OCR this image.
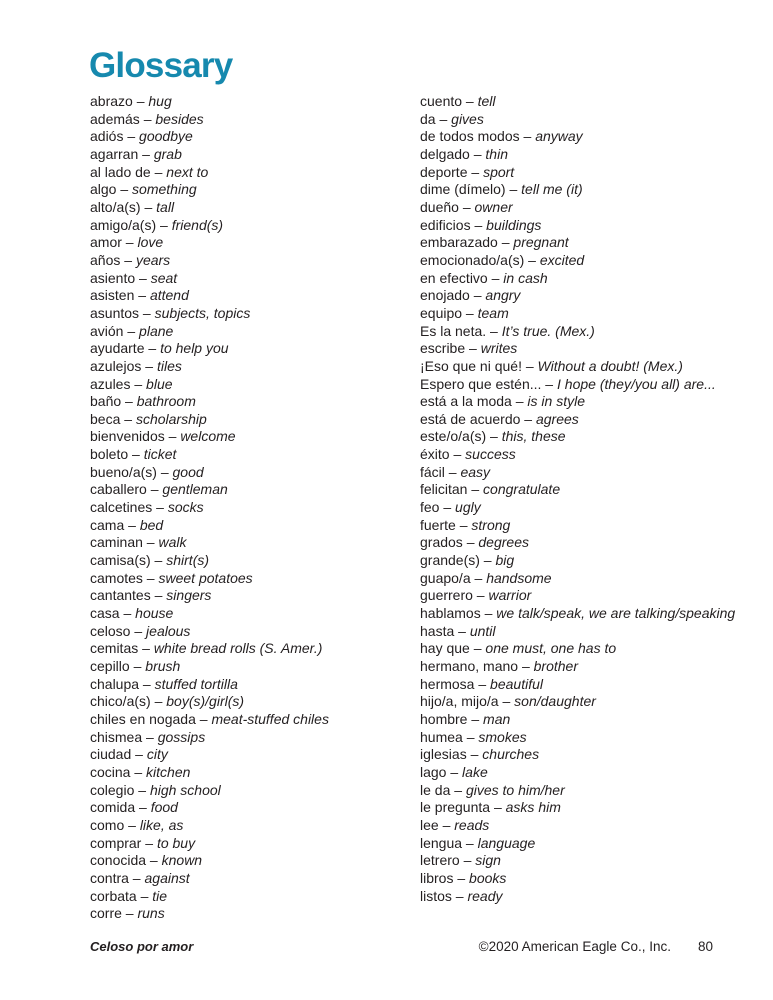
Glossary
abrazo – hug
además – besides
adiós – goodbye
agarran – grab
al lado de – next to
algo – something
alto/a(s) – tall
amigo/a(s) – friend(s)
amor – love
años – years
asiento – seat
asisten – attend
asuntos – subjects, topics
avión – plane
ayudarte – to help you
azulejos – tiles
azules – blue
baño – bathroom
beca – scholarship
bienvenidos – welcome
boleto – ticket
bueno/a(s) – good
caballero – gentleman
calcetines – socks
cama – bed
caminan – walk
camisa(s) – shirt(s)
camotes – sweet potatoes
cantantes – singers
casa – house
celoso – jealous
cemitas – white bread rolls (S. Amer.)
cepillo – brush
chalupa – stuffed tortilla
chico/a(s) – boy(s)/​girl(s)
chiles en nogada – meat-stuffed chiles
chismea – gossips
ciudad – city
cocina – kitchen
colegio – high school
comida – food
como – like, as
comprar – to buy
conocida – known
contra – against
corbata – tie
corre – runs
cuento – tell
da – gives
de todos modos – anyway
delgado – thin
deporte – sport
dime (dímelo) – tell me (it)
dueño – owner
edificios – buildings
embarazado – pregnant
emocionado/a(s) – excited
en efectivo – in cash
enojado – angry
equipo – team
Es la neta. – It’s true. (Mex.)
escribe – writes
¡Eso que ni qué! – Without a doubt! (Mex.)
Espero que estén... – I hope (they/​you all) are...
está a la moda – is in style
está de acuerdo – agrees
este/o/a(s) – this, these
éxito – success
fácil – easy
felicitan – congratulate
feo – ugly
fuerte – strong
grados – degrees
grande(s) – big
guapo/a – handsome
guerrero – warrior
hablamos – we talk/​speak, we are talking/​speaking
hasta – until
hay que – one must, one has to
hermano, mano – brother
hermosa – beautiful
hijo/a, mijo/a – son/​daughter
hombre – man
humea – smokes
iglesias – churches
lago – lake
le da – gives to him/​her
le pregunta – asks him
lee – reads
lengua – language
letrero – sign
libros – books
listos – ready
Celoso por amor	©2020 American Eagle Co., Inc. 80
